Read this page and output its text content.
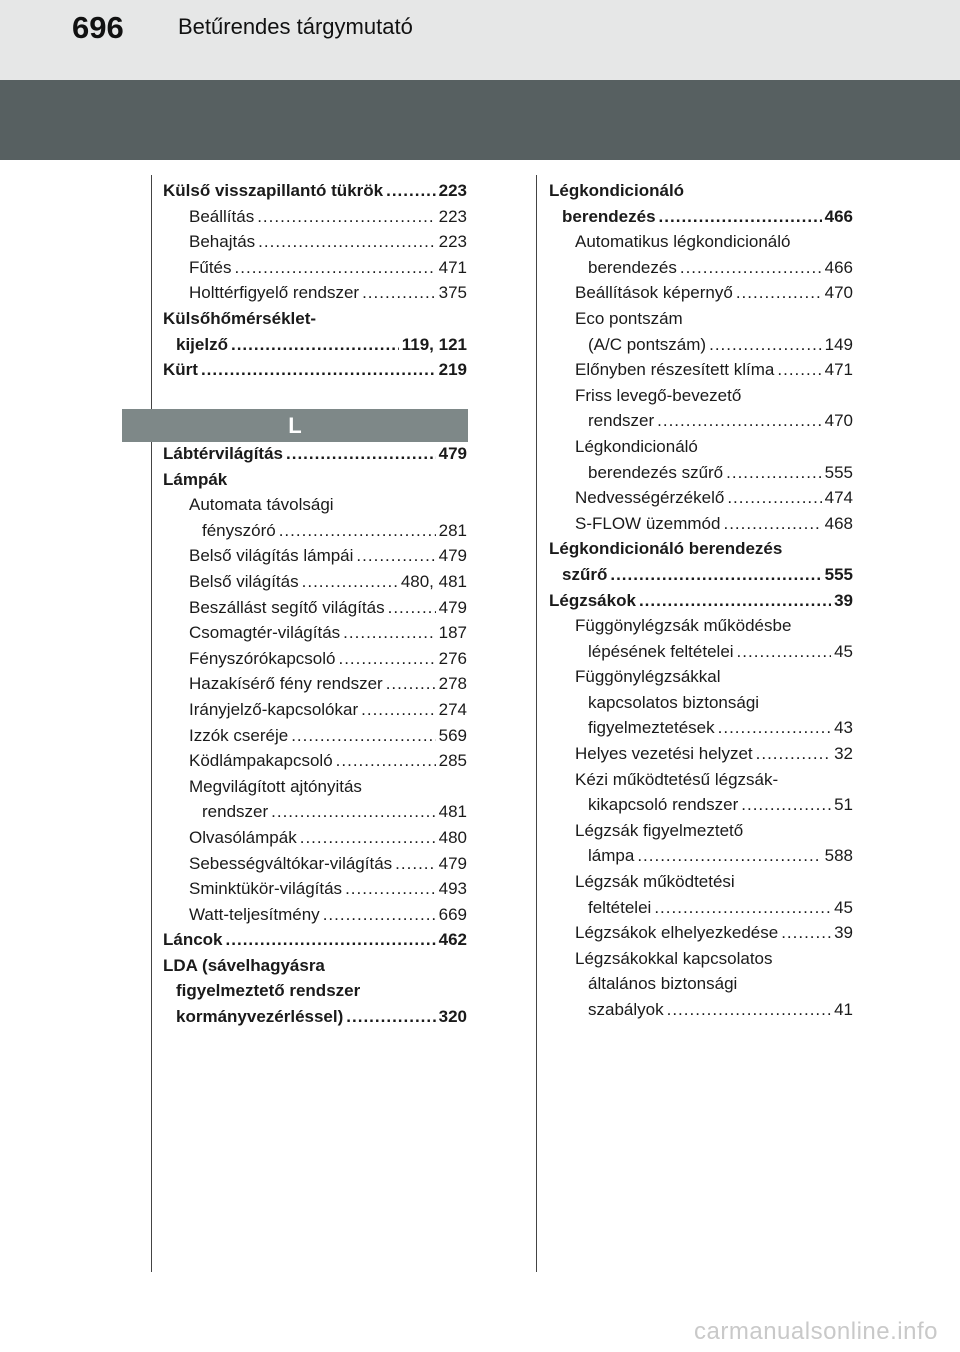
696 Betűrendes tárgymutató
Külső visszapillantó tükrök .....	223
Beállítás .....	223
Behajtás .....	223
Fűtés .....	471
Holttérfigyelő rendszer .....	375
Külsőhőmérséklet-
kijelző .....	119, 121
Kürt .....	219
L
Lábtérvilágítás .....	479
Lámpák
Automata távolsági
fényszóró .....	281
Belső világítás lámpái .....	479
Belső világítás .....	480, 481
Beszállást segítő világítás .....	479
Csomagtér-világítás .....	187
Fényszórókapcsoló .....	276
Hazakísérő fény rendszer .....	278
Irányjelző-kapcsolókar .....	274
Izzók cseréje .....	569
Ködlámpakapcsoló .....	285
Megvilágított ajtónyitás
rendszer .....	481
Olvasólámpák .....	480
Sebességváltókar-világítás .....	479
Sminktükör-világítás .....	493
Watt-teljesítmény .....	669
Láncok .....	462
LDA (sávelhagyásra
figyelmeztető rendszer
kormányvezérléssel) .....	320
Légkondicionáló
berendezés .....	466
Automatikus légkondicionáló
berendezés .....	466
Beállítások képernyő .....	470
Eco pontszám
(A/C pontszám) .....	149
Előnyben részesített klíma .....	471
Friss levegő-bevezető
rendszer .....	470
Légkondicionáló
berendezés szűrő .....	555
Nedvességérzékelő .....	474
S-FLOW üzemmód .....	468
Légkondicionáló berendezés
szűrő .....	555
Légzsákok .....	39
Függönylégzsák működésbe
lépésének feltételei .....	45
Függönylégzsákkal
kapcsolatos biztonsági
figyelmeztetések .....	43
Helyes vezetési helyzet .....	32
Kézi működtetésű légzsák-
kikapcsoló rendszer .....	51
Légzsák figyelmeztető
lámpa .....	588
Légzsák működtetési
feltételei .....	45
Légzsákok elhelyezkedése .....	39
Légzsákokkal kapcsolatos
általános biztonsági
szabályok .....	41
carmanualsonline.info
